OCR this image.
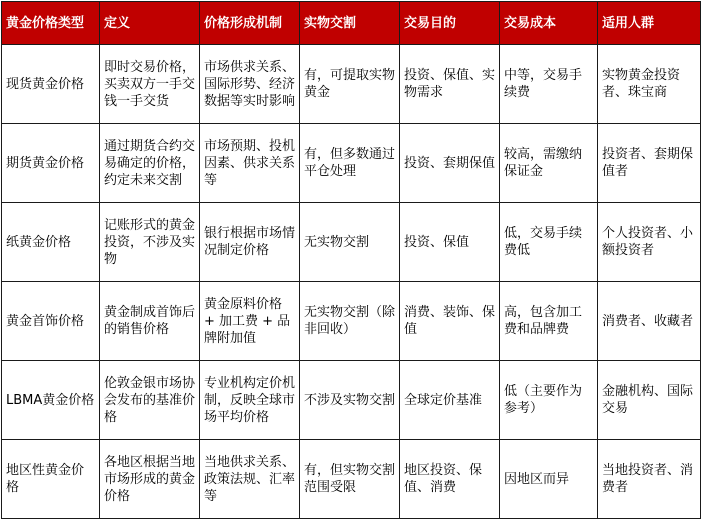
黄金价格类型	定义	价格形成机制	实物交割	交易目的	交易成本	适用人群
现货黄金价格	即时交易价格，买卖双方一手交钱一手交货	市场供求关系、国际形势、经济数据等实时影响	有，可提取实物黄金	投资、保值、实物需求	中等，交易手续费	实物黄金投资者、珠宝商
期货黄金价格	通过期货合约交易确定的价格，约定未来交割	市场预期、投机因素、供求关系等	有，但多数通过平仓处理	投资、套期保值	较高，需缴纳保证金	投资者、套期保值者
纸黄金价格	记账形式的黄金投资，不涉及实物	银行根据市场情况制定价格	无实物交割	投资、保值	低，交易手续费低	个人投资者、小额投资者
黄金首饰价格	黄金制成首饰后的销售价格	黄金原料价格 + 加工费 + 品牌附加值	无实物交割（除非回收）	消费、装饰、保值	高，包含加工费和品牌费	消费者、收藏者
LBMA黄金价格	伦敦金银市场协会发布的基准价格	专业机构定价机制，反映全球市场平均价格	不涉及实物交割	全球定价基准	低（主要作为参考）	金融机构、国际交易
地区性黄金价格	各地区根据当地市场形成的黄金价格	当地供求关系、政策法规、汇率等	有，但实物交割范围受限	地区投资、保值、消费	因地区而异	当地投资者、消费者
